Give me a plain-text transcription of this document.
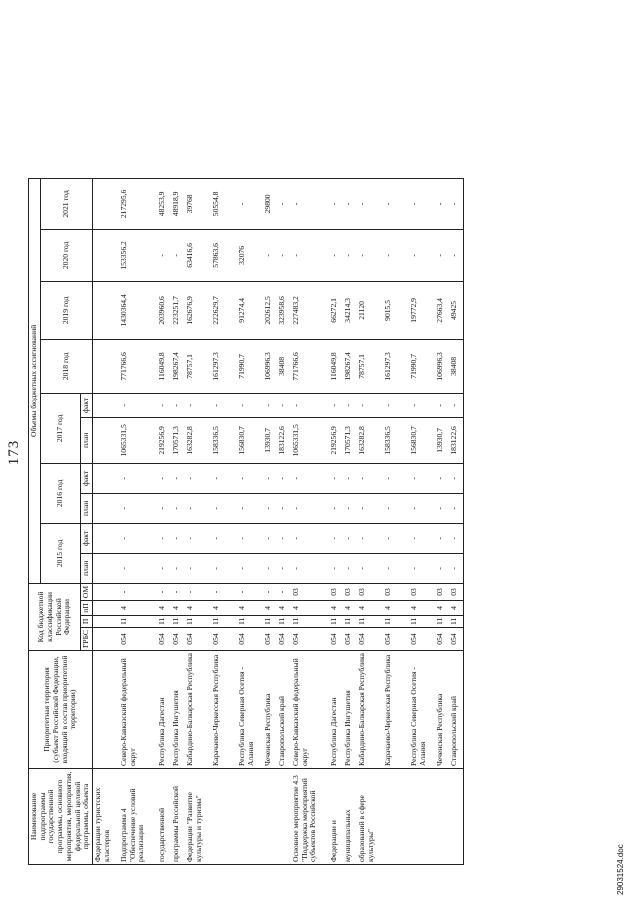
173
Наименование подпрограммы государственной программы, основного мероприятия, мероприятия, федеральной целевой программы, объекта	Приоритетная территория (субъект Российской Федерации, входящий в состав приоритетной территории)	Код бюджетной классификации Российской Федерации				Объемы бюджетных ассигнований									
						2015 год		2016 год		2017 год		2018 год	2019 год	2020 год	2021 год
		ГРБС	П	пП	ОМ	план	факт	план	факт	план	факт				
Федерации туристских кластеров															
Подпрограмма 4 "Обеспечение условий реализации	Северо-Кавказский федеральный округ	054	11	4	-	-	-	-	-	1065331,5	-	771766,6	1430364,4	153356,2	217295,6
государственной	Республика Дагестан	054	11	4	-	-	-	-	-	219256,9	-	116049,8	203960,6	-	48253,9
программы Российской	Республика Ингушетия	054	11	4	-	-	-	-	-	170571,3	-	198267,4	223251,7	-	48918,9
Федерации "Развитие культуры и туризма"	Кабардино-Балкарская Республика	054	11	4	-	-	-	-	-	163282,8	-	78757,1	162676,9	63416,6	39768
	Карачаево-Черкесская Республика	054	11	4	-	-	-	-	-	158336,5	-	161297,3	222629,7	57863,6	50554,8
	Республика Северная Осетия - Алания	054	11	4	-	-	-	-	-	156830,7	-	71990,7	91274,4	32076	-
	Чеченская Республика	054	11	4	-	-	-	-	-	13930,7	-	106996,3	202612,5	-	29800
	Ставропольский край	054	11	4	-	-	-	-	-	183122,6	-	38408	323958,6	-	-
Основное мероприятие 4.3 "Поддержка мероприятий субъектов Российской	Северо-Кавказский федеральный округ	054	11	4	03	-	-	-	-	1065331,5	-	771766,6	227483,2	-	-
Федерации и	Республика Дагестан	054	11	4	03	-	-	-	-	219256,9	-	116049,8	66272,1	-	-
муниципальных	Республика Ингушетия	054	11	4	03	-	-	-	-	170571,3	-	198267,4	34214,3	-	-
образований в сфере культуры"	Кабардино-Балкарская Республика	054	11	4	03	-	-	-	-	163282,8	-	78757,1	21120	-	-
	Карачаево-Черкесская Республика	054	11	4	03	-	-	-	-	158336,5	-	161297,3	9015,5	-	-
	Республика Северная Осетия - Алания	054	11	4	03	-	-	-	-	156830,7	-	71990,7	19772,9	-	-
	Чеченская Республика	054	11	4	03	-	-	-	-	13930,7	-	106996,3	27663,4	-	-
	Ставропольский край	054	11	4	03	-	-	-	-	183122,6	-	38408	49425	-	-
29031524.doc
